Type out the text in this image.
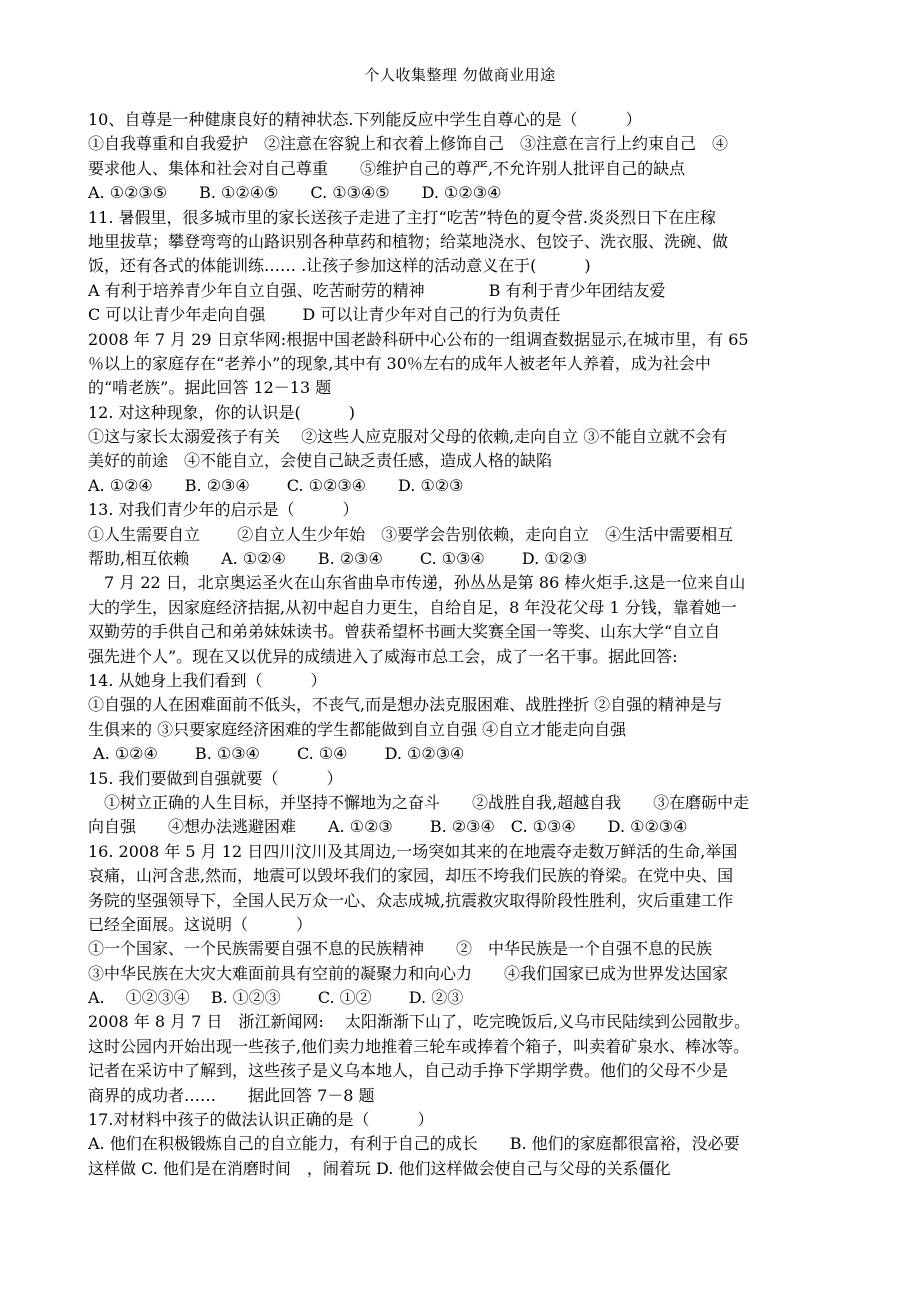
个人收集整理 勿做商业用途
10、自尊是一种健康良好的精神状态.下列能反应中学生自尊心的是（　　　）
①自我尊重和自我爱护　②注意在容貌上和衣着上修饰自己　③注意在言行上约束自己　④
要求他人、集体和社会对自己尊重　　⑤维护自己的尊严,不允许别人批评自己的缺点
A. ①②③⑤　　B. ①②④⑤　　C. ①③④⑤　　D. ①②③④
11. 暑假里，很多城市里的家长送孩子走进了主打“吃苦”特色的夏令营.炎炎烈日下在庄稼
地里拔草；攀登弯弯的山路识别各种草药和植物；给菜地浇水、包饺子、洗衣服、洗碗、做
饭，还有各式的体能训练…… .让孩子参加这样的活动意义在于(　　　)
A 有利于培养青少年自立自强、吃苦耐劳的精神　　　　B 有利于青少年团结友爱
C 可以让青少年走向自强　　 D 可以让青少年对自己的行为负责任
2008 年 7 月 29 日京华网:根据中国老龄科研中心公布的一组调查数据显示,在城市里，有 65
％以上的家庭存在“老养小”的现象,其中有 30％左右的成年人被老年人养着，成为社会中
的“啃老族”。据此回答 12－13 题
12. 对这种现象，你的认识是(　　　)
①这与家长太溺爱孩子有关　 ②这些人应克服对父母的依赖,走向自立 ③不能自立就不会有
美好的前途　④不能自立，会使自己缺乏责任感，造成人格的缺陷
A. ①②④　　B. ②③④　　 C. ①②③④　　D. ①②③
13. 对我们青少年的启示是（　　　）
①人生需要自立　　 ②自立人生少年始　③要学会告别依赖，走向自立　④生活中需要相互
帮助,相互依赖　　A. ①②④　　B. ②③④　　 C. ①③④　　 D. ①②③
　7 月 22 日，北京奥运圣火在山东省曲阜市传递，孙丛丛是第 86 棒火炬手.这是一位来自山
大的学生，因家庭经济拮据,从初中起自力更生，自给自足，8 年没花父母 1 分钱，靠着她一
双勤劳的手供自己和弟弟妹妹读书。曾获希望杯书画大奖赛全国一等奖、山东大学“自立自
强先进个人”。现在又以优异的成绩进入了威海市总工会，成了一名干事。据此回答:
14. 从她身上我们看到（　　　）
①自强的人在困难面前不低头，不丧气,而是想办法克服困难、战胜挫折 ②自强的精神是与
生俱来的 ③只要家庭经济困难的学生都能做到自立自强 ④自立才能走向自强
A. ①②④　　 B. ①③④　　 C. ①④　　 D. ①②③④
15. 我们要做到自强就要（　　　）
　①树立正确的人生目标，并坚持不懈地为之奋斗　　②战胜自我,超越自我　　③在磨砺中走
向自强　　④想办法逃避困难　　A. ①②③　　 B. ②③④　C. ①③④　　D. ①②③④
16. 2008 年 5 月 12 日四川汶川及其周边,一场突如其来的在地震夺走数万鲜活的生命,举国
哀痛，山河含悲,然而，地震可以毁坏我们的家园，却压不垮我们民族的脊梁。在党中央、国
务院的坚强领导下，全国人民万众一心、众志成城,抗震救灾取得阶段性胜利，灾后重建工作
已经全面展。这说明（　　　）
①一个国家、一个民族需要自强不息的民族精神　　②　中华民族是一个自强不息的民族
③中华民族在大灾大难面前具有空前的凝聚力和向心力　　④我们国家已成为世界发达国家
A.　 ①②③④　 B. ①②③　　 C. ①②　　 D. ②③
2008 年 8 月 7 日　浙江新闻网:　 太阳渐渐下山了，吃完晚饭后,义乌市民陆续到公园散步。
这时公园内开始出现一些孩子,他们卖力地推着三轮车或捧着个箱子，叫卖着矿泉水、棒冰等。
记者在采访中了解到，这些孩子是义乌本地人，自己动手挣下学期学费。他们的父母不少是
商界的成功者……　　据此回答 7－8 题
17.对材料中孩子的做法认识正确的是（　　　）
A. 他们在积极锻炼自己的自立能力，有利于自己的成长　　B. 他们的家庭都很富裕，没必要
这样做 C. 他们是在消磨时间　，闹着玩 D. 他们这样做会使自己与父母的关系僵化
